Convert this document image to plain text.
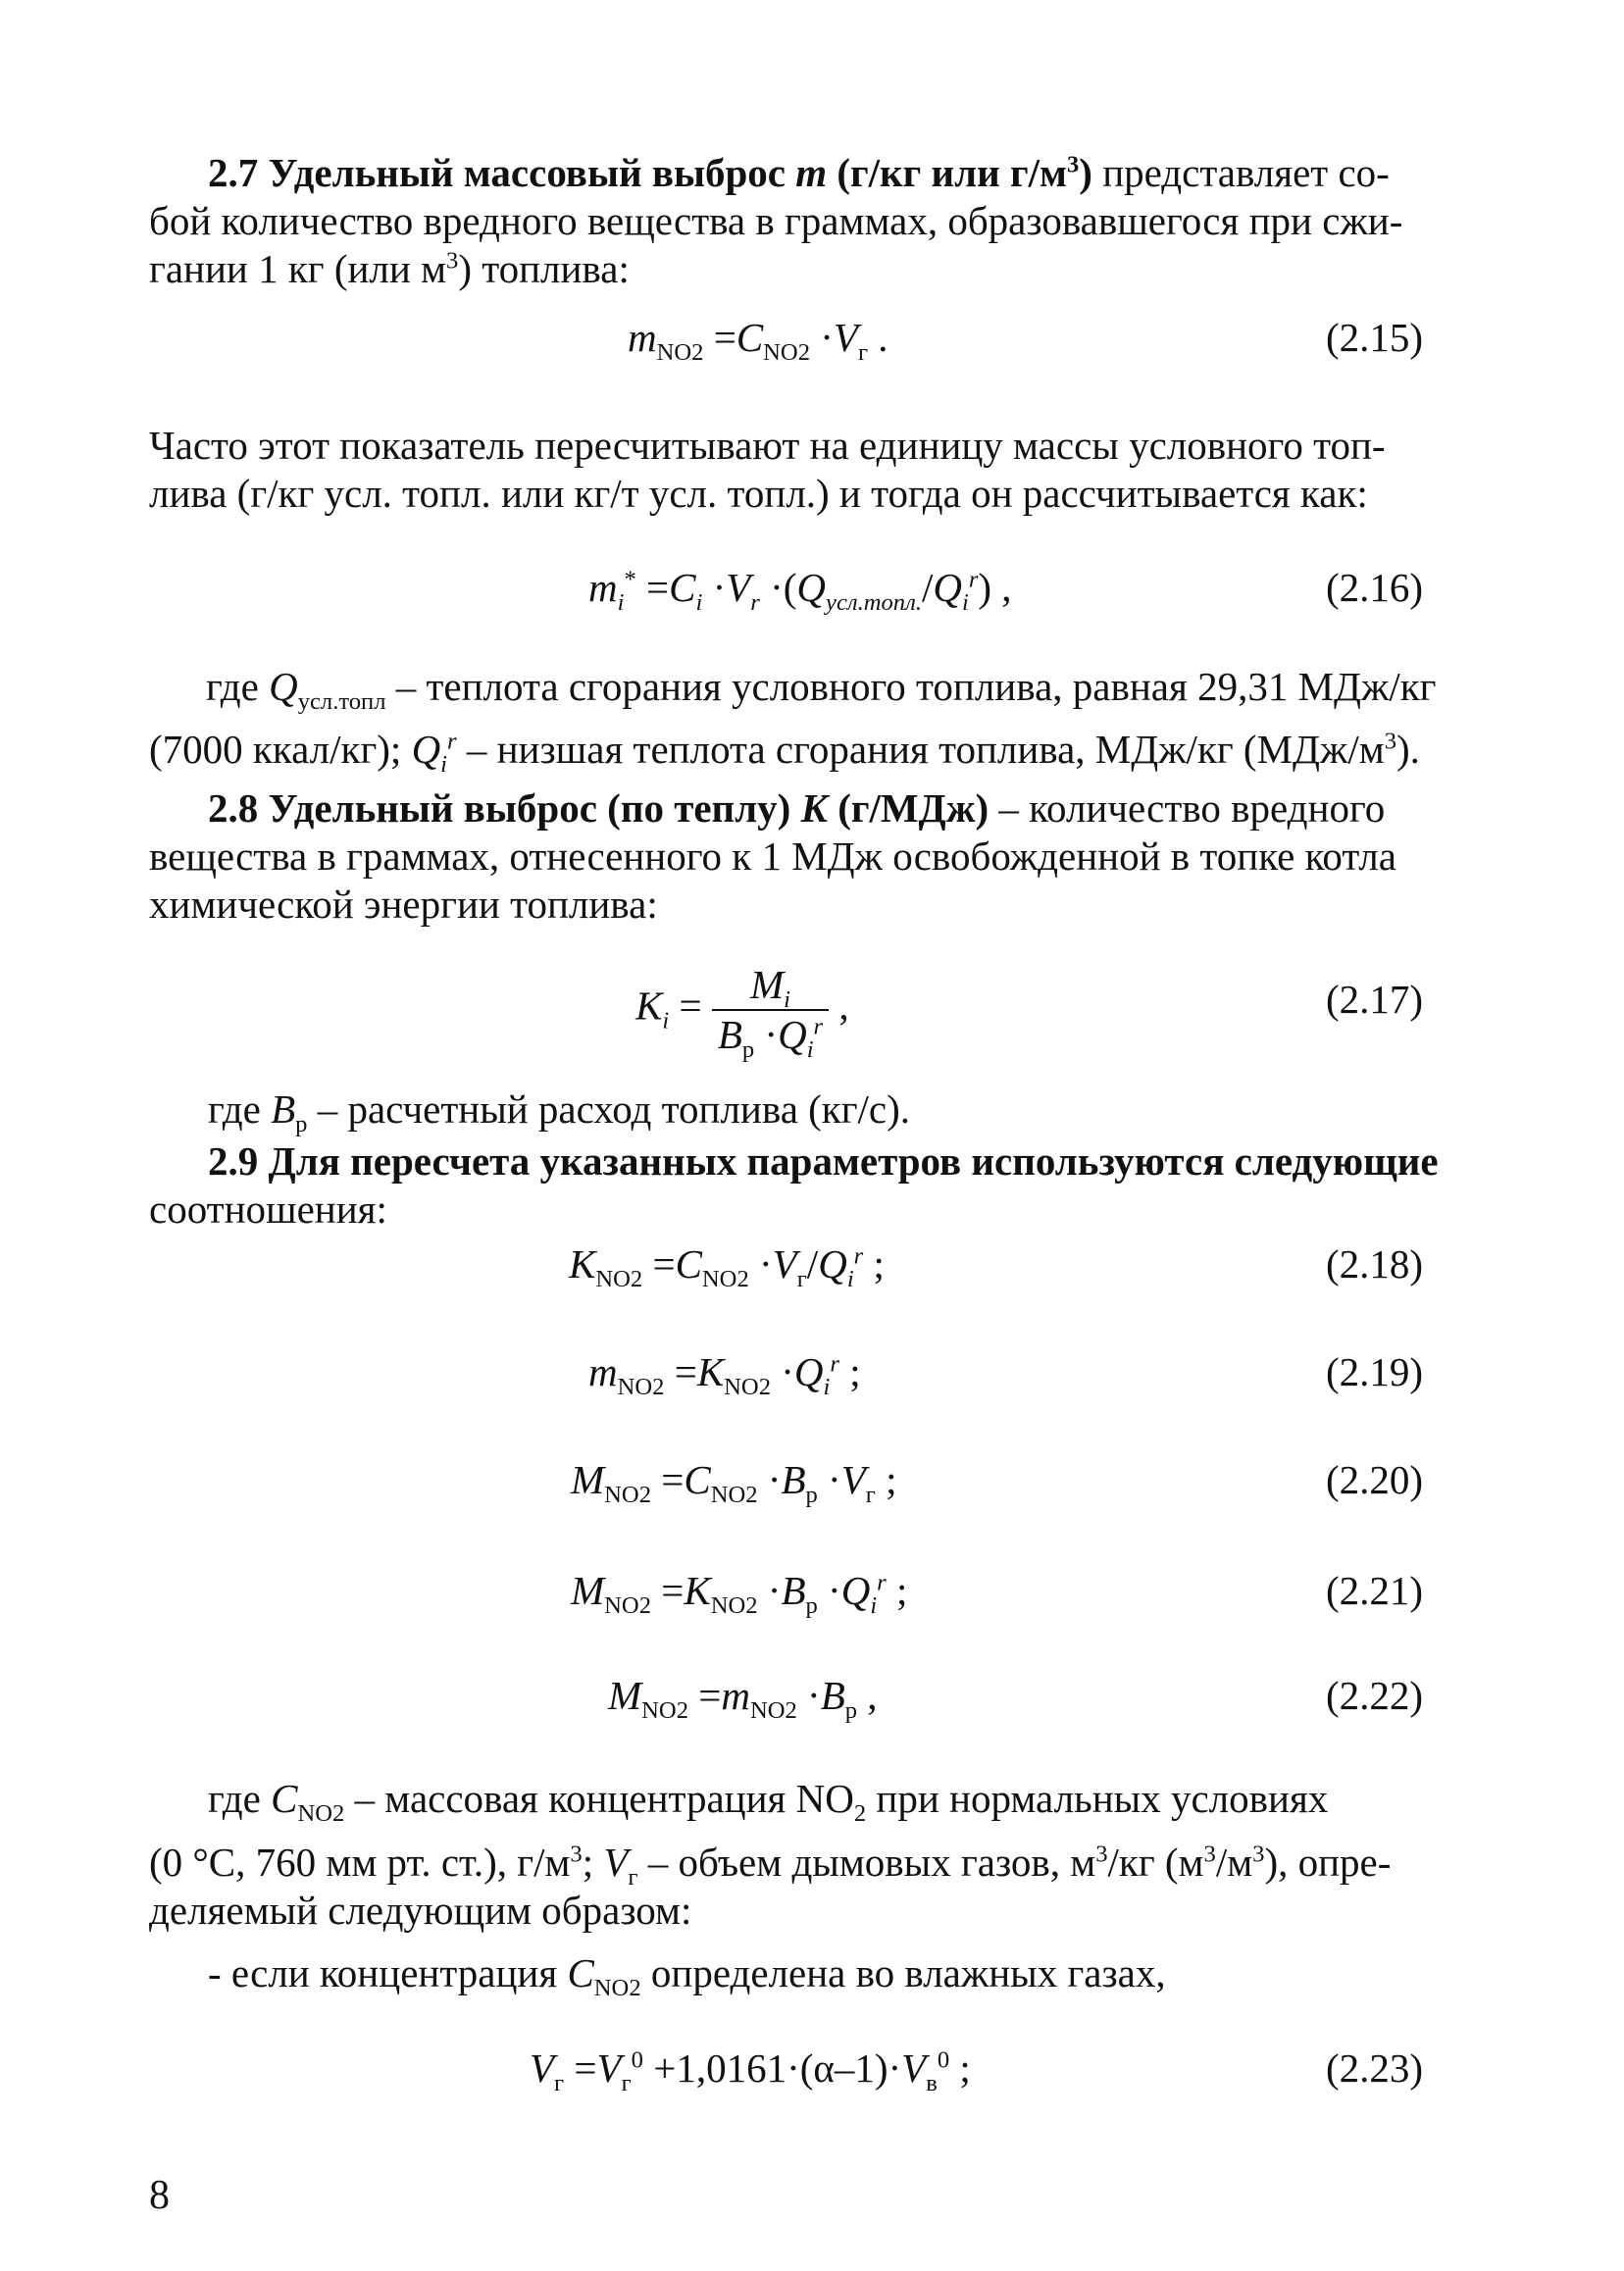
2.7 Удельный массовый выброс m (г/кг или $г/м^3$) представляет со-

бой количество вредного вещества в граммах, образовавшегося при сжи-

гании 1 кг (или $м^3$) топлива:

$m_{NO2} =C_{NO2} \cdot V_г$ .	(2.15)

Часто этот показатель пересчитывают на единицу массы условного топ-

лива (г/кг усл. топл. или кг/т усл. топл.) и тогда он рассчитывается как:

$m_i^* =C_i \cdot V_r \cdot(Q_{усл.топл.}/Q_i^r)$ ,	(2.16)

где $Q_{усл.топл}$ – теплота сгорания условного топлива, равная 29,31 МДж/кг

(7000 ккал/кг); $Q_i^r$ – низшая теплота сгорания топлива, МДж/кг $(МДж/м^3)$.

2.8 Удельный выброс (по теплу) K (г/МДж) – количество вредного

вещества в граммах, отнесенного к 1 МДж освобожденной в топке котла

химической энергии топлива:

$K_i = \frac{M_i}{B_р \cdot Q_i^r}$ ,	(2.17)

где $B_р$ – расчетный расход топлива (кг/с).

2.9 Для пересчета указанных параметров используются следующие

соотношения:

$K_{NO2} =C_{NO2} \cdot V_г/Q_i^r$ ;	(2.18)
$m_{NO2} =K_{NO2} \cdot Q_i^r$ ;	(2.19)
$M_{NO2} =C_{NO2} \cdot B_р \cdot V_г$ ;	(2.20)
$M_{NO2} =K_{NO2} \cdot B_р \cdot Q_i^r$ ;	(2.21)
$M_{NO2} =m_{NO2} \cdot B_р$ ,	(2.22)

где $C_{NO2}$ – массовая концентрация $NO_2$ при нормальных условиях

(0 °С, 760 мм рт. ст.), $г/м^3$; $V_г$ – объем дымовых газов, $м^3/кг$ $(м^3/м^3)$, опре-

деляемый следующим образом:

- если концентрация $C_{NO2}$ определена во влажных газах,

$V_г =V_г^0 +1,0161\cdot(\alpha-1)\cdot V_в^0$ ;	(2.23)
8
